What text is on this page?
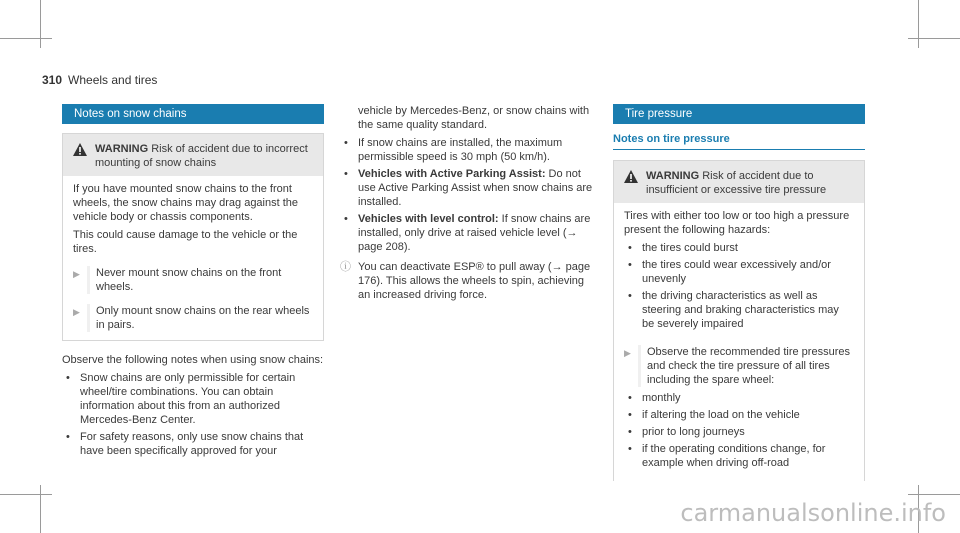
310 Wheels and tires
Notes on snow chains
WARNING Risk of accident due to incorrect mounting of snow chains

If you have mounted snow chains to the front wheels, the snow chains may drag against the vehicle body or chassis components.

This could cause damage to the vehicle or the tires.

▶	Never mount snow chains on the front wheels.
▶	Only mount snow chains on the rear wheels in pairs.

Observe the following notes when using snow chains:

• Snow chains are only permissible for certain wheel/tire combinations. You can obtain information about this from an authorized Mercedes-Benz Center.
• For safety reasons, only use snow chains that have been specifically approved for your

vehicle by Mercedes-Benz, or snow chains with the same quality standard.

• If snow chains are installed, the maximum permissible speed is 30 mph (50 km/h).
• Vehicles with Active Parking Assist: Do not use Active Parking Assist when snow chains are installed.
• Vehicles with level control: If snow chains are installed, only drive at raised vehicle level (→ page 208).
ⓘ You can deactivate ESP® to pull away (→ page 176). This allows the wheels to spin, achieving an increased driving force.
Tire pressure
Notes on tire pressure
WARNING Risk of accident due to insufficient or excessive tire pressure

Tires with either too low or too high a pressure present the following hazards:

• the tires could burst
• the tires could wear excessively and/or unevenly
• the driving characteristics as well as steering and braking characteristics may be severely impaired
▶	Observe the recommended tire pressures and check the tire pressure of all tires including the spare wheel:
• monthly
• if altering the load on the vehicle
• prior to long journeys
• if the operating conditions change, for example when driving off-road
carmanualsonline.info
